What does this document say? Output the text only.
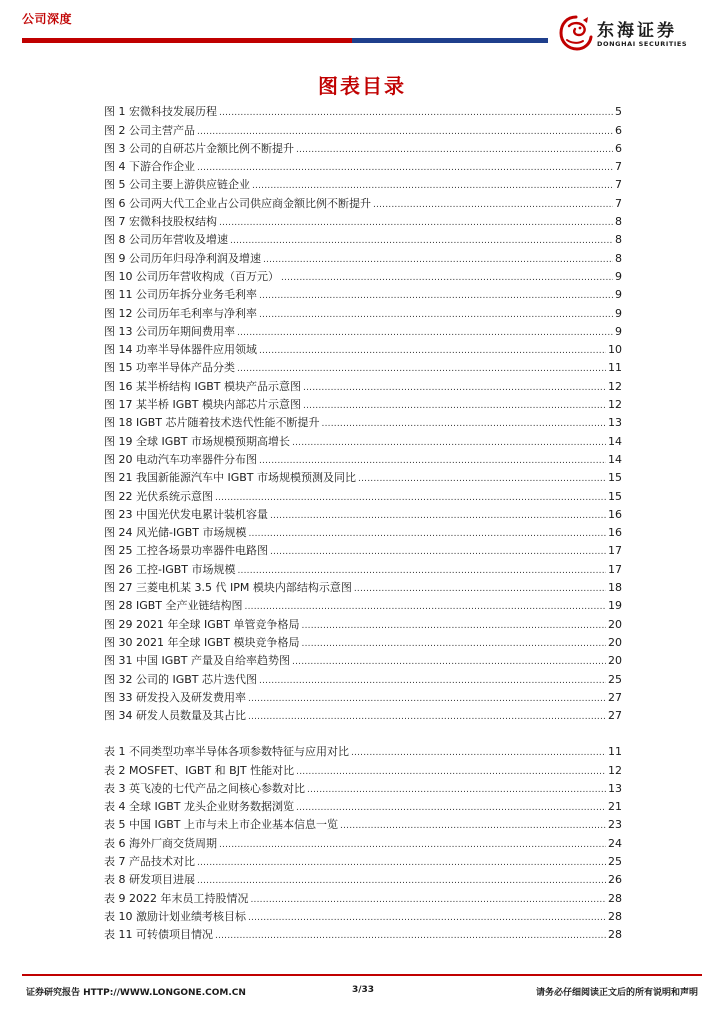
公司深度
东海证券
DONGHAI SECURITIES
图表目录
图 1 宏微科技发展历程 .....	5
图 2 公司主营产品 .....	6
图 3 公司的自研芯片金额比例不断提升 .....	6
图 4 下游合作企业 .....	7
图 5 公司主要上游供应链企业 .....	7
图 6 公司两大代工企业占公司供应商金额比例不断提升 .....	7
图 7 宏微科技股权结构 .....	8
图 8 公司历年营收及增速 .....	8
图 9 公司历年归母净利润及增速 .....	8
图 10 公司历年营收构成（百万元） .....	9
图 11 公司历年拆分业务毛利率 .....	9
图 12 公司历年毛利率与净利率 .....	9
图 13 公司历年期间费用率 .....	9
图 14 功率半导体器件应用领域 .....	10
图 15 功率半导体产品分类 .....	11
图 16 某半桥结构 IGBT 模块产品示意图 .....	12
图 17 某半桥 IGBT 模块内部芯片示意图 .....	12
图 18 IGBT 芯片随着技术迭代性能不断提升 .....	13
图 19 全球 IGBT 市场规模预期高增长 .....	14
图 20 电动汽车功率器件分布图 .....	14
图 21 我国新能源汽车中 IGBT 市场规模预测及同比 .....	15
图 22 光伏系统示意图 .....	15
图 23 中国光伏发电累计装机容量 .....	16
图 24 风光储-IGBT 市场规模 .....	16
图 25 工控各场景功率器件电路图 .....	17
图 26 工控-IGBT 市场规模 .....	17
图 27 三菱电机某 3.5 代 IPM 模块内部结构示意图 .....	18
图 28 IGBT 全产业链结构图 .....	19
图 29 2021 年全球 IGBT 单管竞争格局 .....	20
图 30 2021 年全球 IGBT 模块竞争格局 .....	20
图 31 中国 IGBT 产量及自给率趋势图 .....	20
图 32 公司的 IGBT 芯片迭代图 .....	25
图 33 研发投入及研发费用率 .....	27
图 34 研发人员数量及其占比 .....	27
表 1 不同类型功率半导体各项参数特征与应用对比 .....	11
表 2 MOSFET、IGBT 和 BJT 性能对比 .....	12
表 3 英飞凌的七代产品之间核心参数对比 .....	13
表 4 全球 IGBT 龙头企业财务数据浏览 .....	21
表 5 中国 IGBT 上市与未上市企业基本信息一览 .....	23
表 6 海外厂商交货周期 .....	24
表 7 产品技术对比 .....	25
表 8 研发项目进展 .....	26
表 9 2022 年末员工持股情况 .....	28
表 10 激励计划业绩考核目标 .....	28
表 11 可转债项目情况 .....	28
证券研究报告 HTTP://WWW.LONGONE.COM.CN	3/33	请务必仔细阅读正文后的所有说明和声明
